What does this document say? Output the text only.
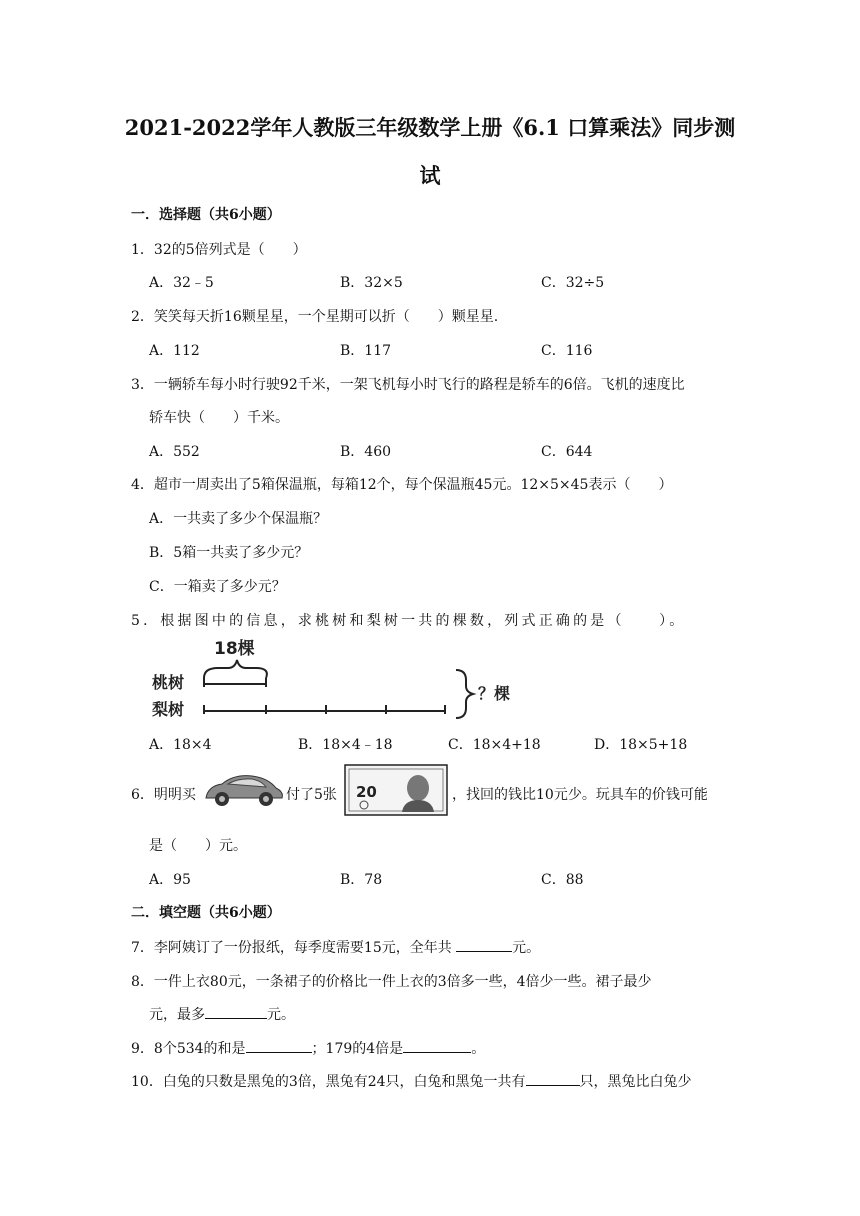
2021-2022学年人教版三年级数学上册《6.1 口算乘法》同步测
试
一．选择题（共6小题）
1．32的5倍列式是（　　）
A．32﹣5	B．32×5	C．32÷5
2．笑笑每天折16颗星星，一个星期可以折（　　）颗星星.
A．112	B．117	C．116
3．一辆轿车每小时行驶92千米，一架飞机每小时飞行的路程是轿车的6倍。飞机的速度比
轿车快（　　）千米。
A．552	B．460	C．644
4．超市一周卖出了5箱保温瓶，每箱12个，每个保温瓶45元。12×5×45表示（　　）
A．一共卖了多少个保温瓶？
B．5箱一共卖了多少元？
C．一箱卖了多少元？
5．根据图中的信息，求桃树和梨树一共的棵数，列式正确的是（　　）。
18棵
桃树
梨树
？棵
A．18×4	B．18×4﹣18	C．18×4+18	D．18×5+18
6．明明买	付了5张 20	，找回的钱比10元少。玩具车的价钱可能
是（　　）元。
A．95	B．78	C．88
二．填空题（共6小题）
7．李阿姨订了一份报纸，每季度需要15元，全年共	元。
8．一件上衣80元，一条裙子的价格比一件上衣的3倍多一些，4倍少一些。裙子最少
元，最多	元。
9．8个534的和是	；179的4倍是	。
10．白兔的只数是黑兔的3倍，黑兔有24只，白兔和黑兔一共有	只，黑兔比白兔少
